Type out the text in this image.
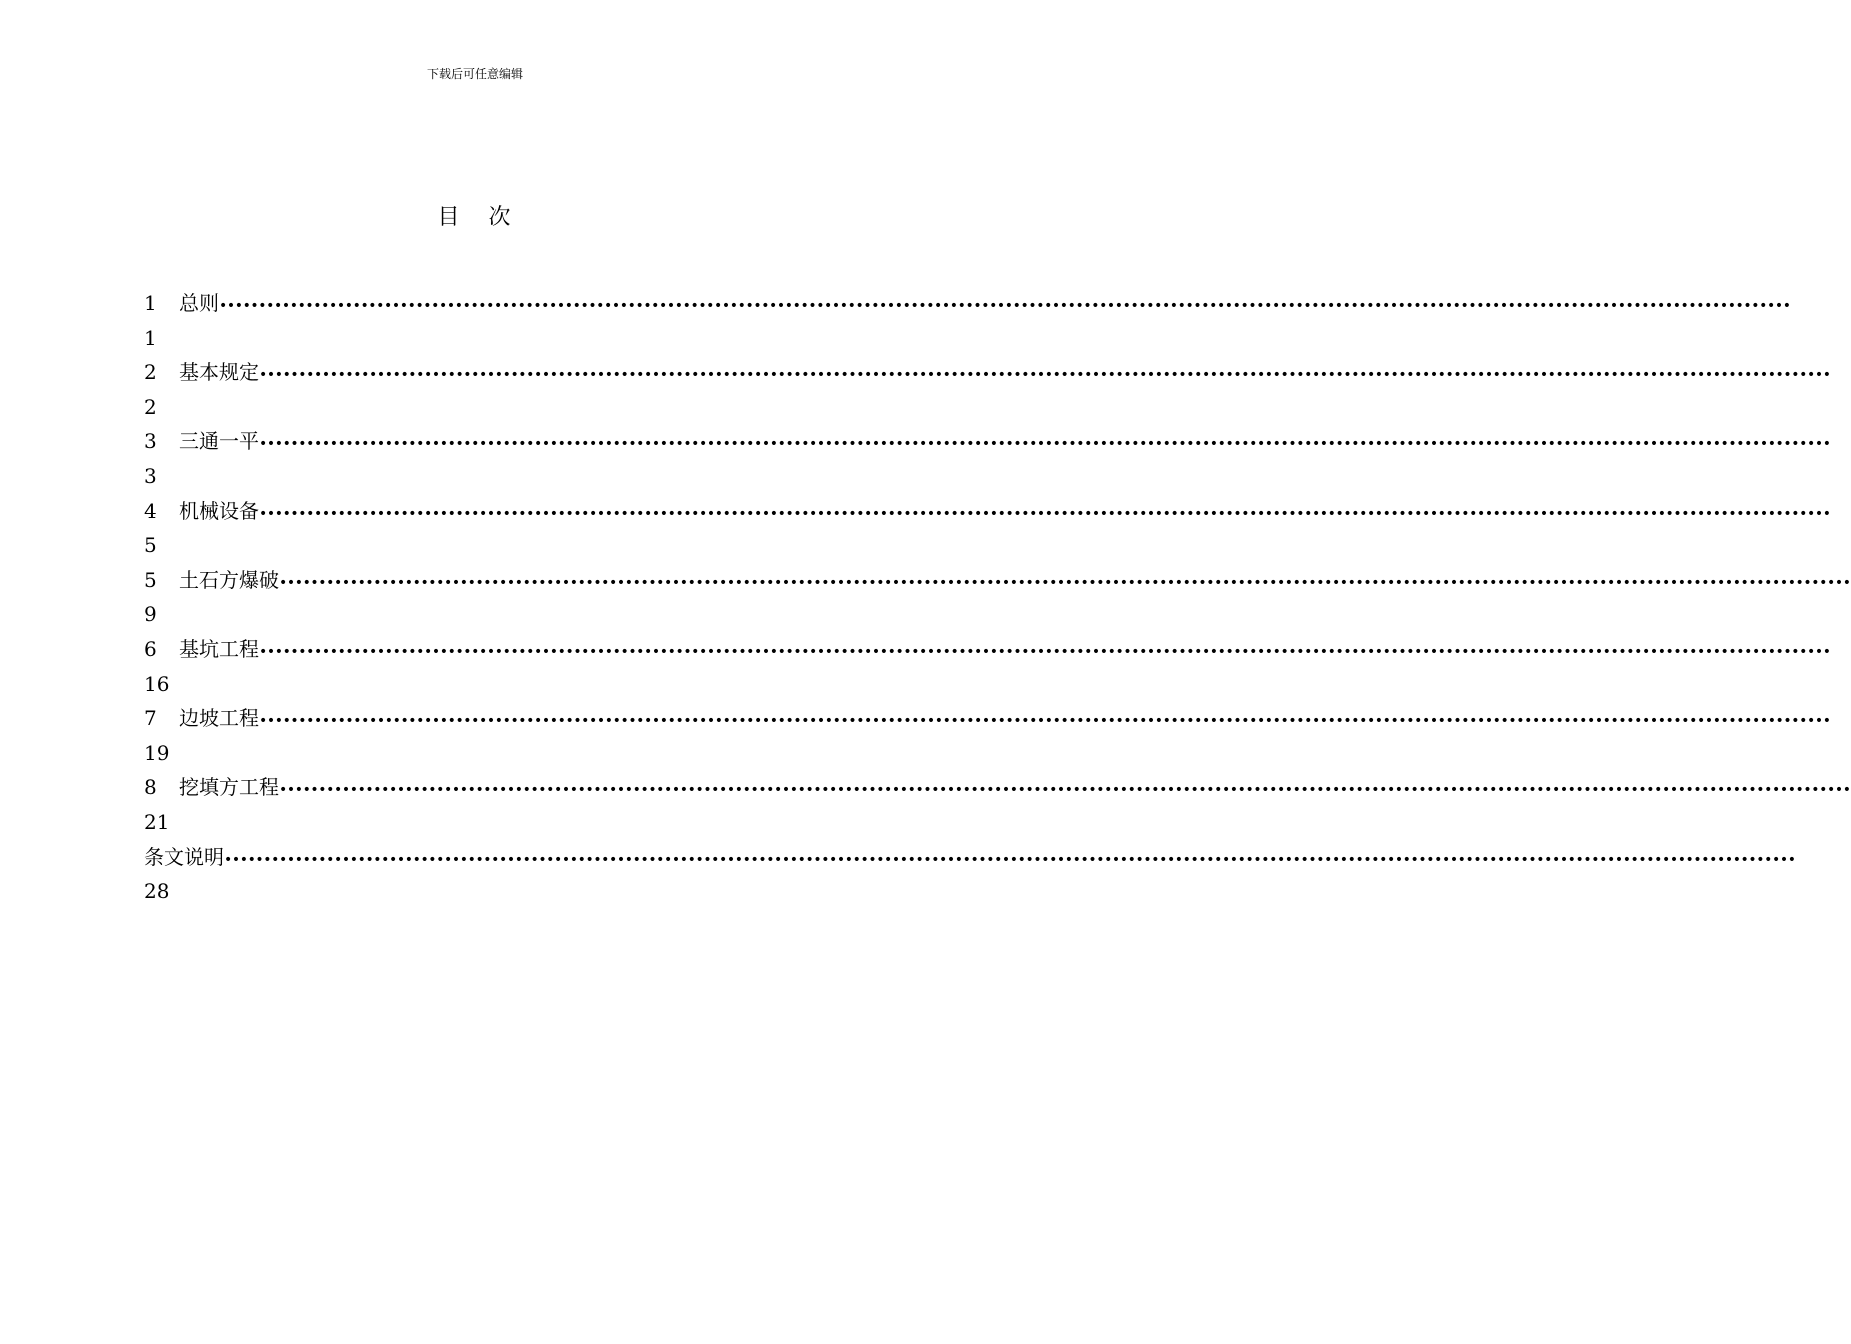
下载后可任意编辑
目   次
1	总则 ••••••••••••••••••••••••••••••••••••••••••••••••••••••••••••••••••••••••••••••••••••••••••••••••••••••••••••••••••••••••••••••••••••••••••••••••••••••••••••••••••••••••••••••••••••••••••••••••••••••••
1
2	基本规定 ••••••••••••••••••••••••••••••••••••••••••••••••••••••••••••••••••••••••••••••••••••••••••••••••••••••••••••••••••••••••••••••••••••••••••••••••••••••••••••••••••••••••••••••••••••••••••••••••••••••••
2
3	三通一平 ••••••••••••••••••••••••••••••••••••••••••••••••••••••••••••••••••••••••••••••••••••••••••••••••••••••••••••••••••••••••••••••••••••••••••••••••••••••••••••••••••••••••••••••••••••••••••••••••••••••••
3
4	机械设备 ••••••••••••••••••••••••••••••••••••••••••••••••••••••••••••••••••••••••••••••••••••••••••••••••••••••••••••••••••••••••••••••••••••••••••••••••••••••••••••••••••••••••••••••••••••••••••••••••••••••••
5
5	土石方爆破 ••••••••••••••••••••••••••••••••••••••••••••••••••••••••••••••••••••••••••••••••••••••••••••••••••••••••••••••••••••••••••••••••••••••••••••••••••••••••••••••••••••••••••••••••••••••••••••••••••••••••
9
6	基坑工程 ••••••••••••••••••••••••••••••••••••••••••••••••••••••••••••••••••••••••••••••••••••••••••••••••••••••••••••••••••••••••••••••••••••••••••••••••••••••••••••••••••••••••••••••••••••••••••••••••••••••••
16
7	边坡工程 ••••••••••••••••••••••••••••••••••••••••••••••••••••••••••••••••••••••••••••••••••••••••••••••••••••••••••••••••••••••••••••••••••••••••••••••••••••••••••••••••••••••••••••••••••••••••••••••••••••••••
19
8	挖填方工程 ••••••••••••••••••••••••••••••••••••••••••••••••••••••••••••••••••••••••••••••••••••••••••••••••••••••••••••••••••••••••••••••••••••••••••••••••••••••••••••••••••••••••••••••••••••••••••••••••••••••••
21
条文说明 ••••••••••••••••••••••••••••••••••••••••••••••••••••••••••••••••••••••••••••••••••••••••••••••••••••••••••••••••••••••••••••••••••••••••••••••••••••••••••••••••••••••••••••••••••••••••••••••••••••••••
28
